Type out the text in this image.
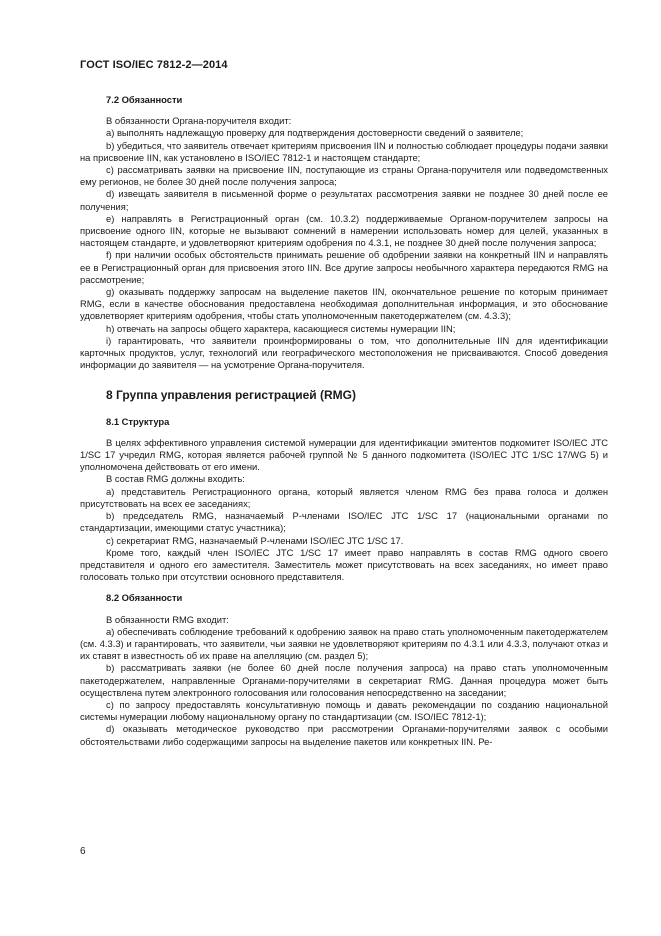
ГОСТ ISO/IEC 7812-2—2014
7.2 Обязанности

В обязанности Органа-поручителя входит:

a) выполнять надлежащую проверку для подтверждения достоверности сведений о заявителе;

b) убедиться, что заявитель отвечает критериям присвоения IIN и полностью соблюдает процедуры подачи заявки на присвоение IIN, как установлено в ISO/IEC 7812-1 и настоящем стандарте;

c) рассматривать заявки на присвоение IIN, поступающие из страны Органа-поручителя или подведомственных ему регионов, не более 30 дней после получения запроса;

d) извещать заявителя в письменной форме о результатах рассмотрения заявки не позднее 30 дней после ее получения;

e) направлять в Регистрационный орган (см. 10.3.2) поддерживаемые Органом-поручителем запросы на присвоение одного IIN, которые не вызывают сомнений в намерении использовать номер для целей, указанных в настоящем стандарте, и удовлетворяют критериям одобрения по 4.3.1, не позднее 30 дней после получения запроса;

f) при наличии особых обстоятельств принимать решение об одобрении заявки на конкретный IIN и направлять ее в Регистрационный орган для присвоения этого IIN. Все другие запросы необычного характера передаются RMG на рассмотрение;

g) оказывать поддержку запросам на выделение пакетов IIN, окончательное решение по которым принимает RMG, если в качестве обоснования предоставлена необходимая дополнительная информация, и это обоснование удовлетворяет критериям одобрения, чтобы стать уполномоченным пакетодержателем (см. 4.3.3);

h) отвечать на запросы общего характера, касающиеся системы нумерации IIN;

i) гарантировать, что заявители проинформированы о том, что дополнительные IIN для идентификации карточных продуктов, услуг, технологий или географического местоположения не присваиваются. Способ доведения информации до заявителя — на усмотрение Органа-поручителя.

8 Группа управления регистрацией (RMG)
8.1 Структура

В целях эффективного управления системой нумерации для идентификации эмитентов подкомитет ISO/IEC JTC 1/SC 17 учредил RMG, которая является рабочей группой № 5 данного подкомитета (ISO/IEC JTC 1/SC 17/WG 5) и уполномочена действовать от его имени.

В состав RMG должны входить:

a) представитель Регистрационного органа, который является членом RMG без права голоса и должен присутствовать на всех ее заседаниях;

b) председатель RMG, назначаемый P-членами ISO/IEC JTC 1/SC 17 (национальными органами по стандартизации, имеющими статус участника);

c) секретариат RMG, назначаемый P-членами ISO/IEC JTC 1/SC 17.

Кроме того, каждый член ISO/IEC JTC 1/SC 17 имеет право направлять в состав RMG одного своего представителя и одного его заместителя. Заместитель может присутствовать на всех заседаниях, но имеет право голосовать только при отсутствии основного представителя.

8.2 Обязанности

В обязанности RMG входит:

a) обеспечивать соблюдение требований к одобрению заявок на право стать уполномоченным пакетодержателем (см. 4.3.3) и гарантировать, что заявители, чьи заявки не удовлетворяют критериям по 4.3.1 или 4.3.3, получают отказ и их ставят в известность об их праве на апелляцию (см. раздел 5);

b) рассматривать заявки (не более 60 дней после получения запроса) на право стать уполномоченным пакетодержателем, направленные Органами-поручителями в секретариат RMG. Данная процедура может быть осуществлена путем электронного голосования или голосования непосредственно на заседании;

c) по запросу предоставлять консультативную помощь и давать рекомендации по созданию национальной системы нумерации любому национальному органу по стандартизации (см. ISO/IEC 7812-1);

d) оказывать методическое руководство при рассмотрении Органами-поручителями заявок с особыми обстоятельствами либо содержащими запросы на выделение пакетов или конкретных IIN. Ре-

6
